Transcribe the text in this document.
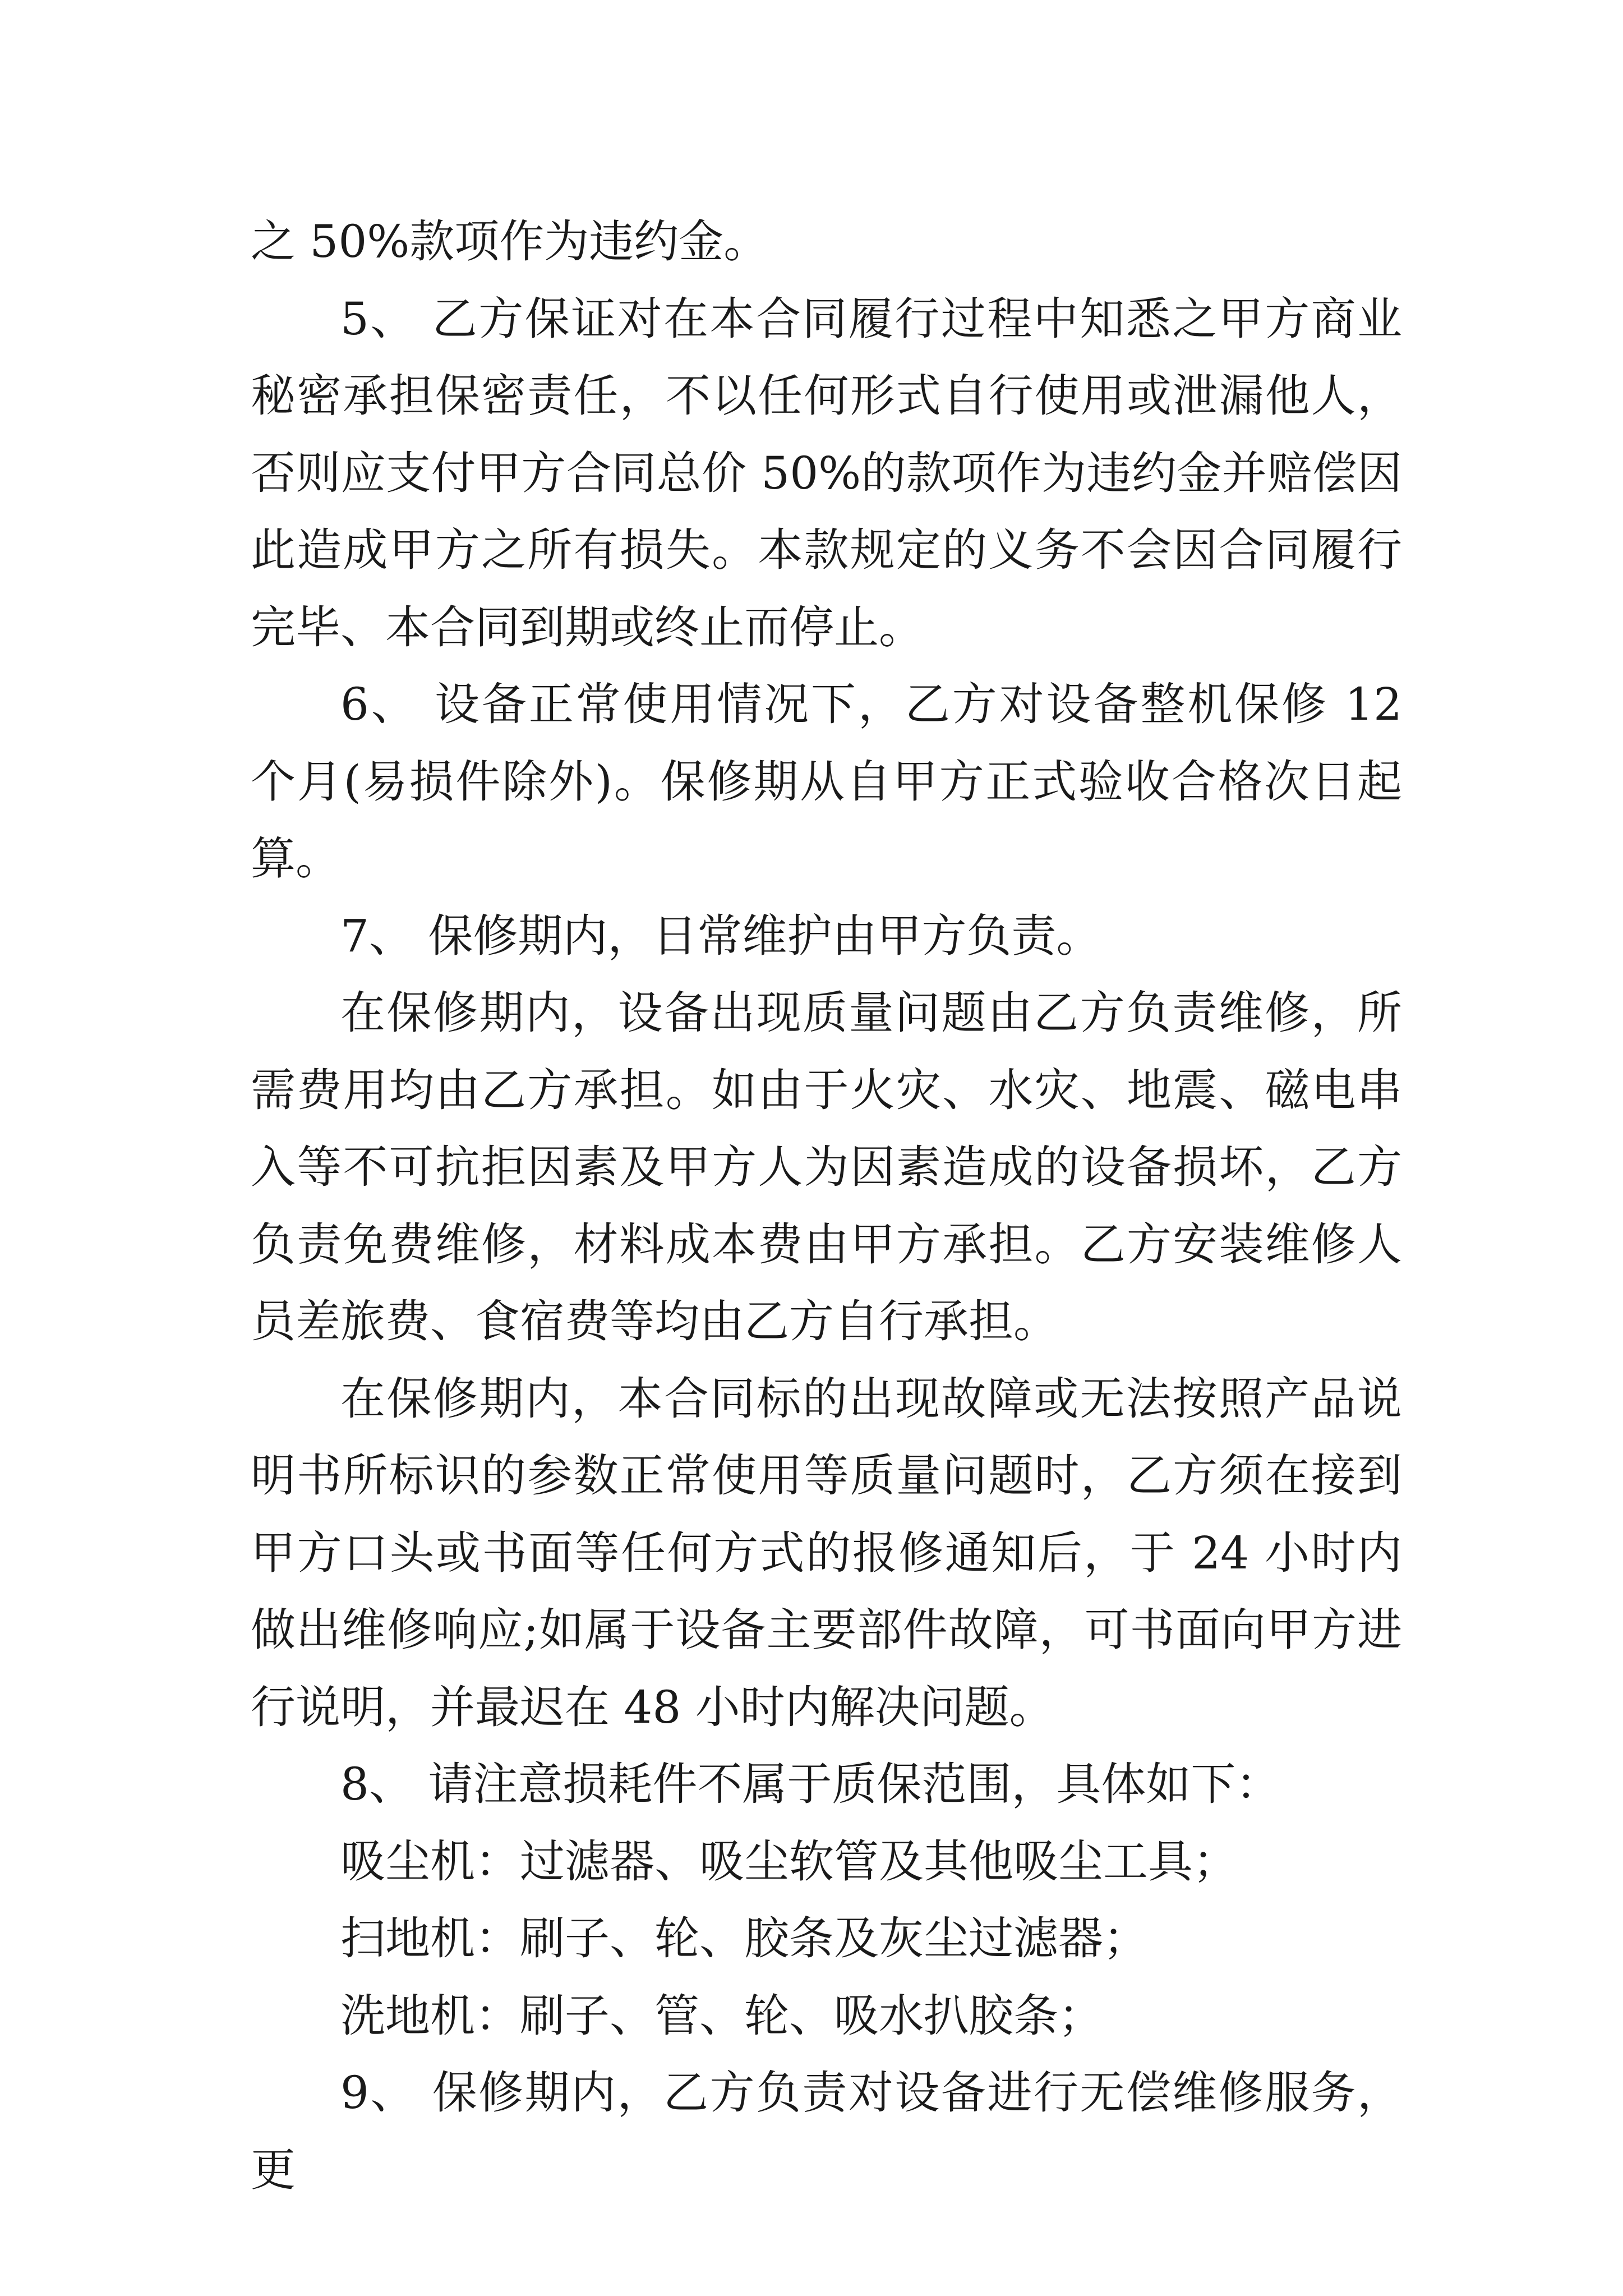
之 50%款项作为违约金。

5、 乙方保证对在本合同履行过程中知悉之甲方商业秘密承担保密责任，不以任何形式自行使用或泄漏他人，否则应支付甲方合同总价 50%的款项作为违约金并赔偿因此造成甲方之所有损失。本款规定的义务不会因合同履行完毕、本合同到期或终止而停止。

6、 设备正常使用情况下，乙方对设备整机保修 12 个月(易损件除外)。保修期从自甲方正式验收合格次日起算。

7、 保修期内，日常维护由甲方负责。

在保修期内，设备出现质量问题由乙方负责维修，所需费用均由乙方承担。如由于火灾、水灾、地震、磁电串入等不可抗拒因素及甲方人为因素造成的设备损坏，乙方负责免费维修，材料成本费由甲方承担。乙方安装维修人员差旅费、食宿费等均由乙方自行承担。

在保修期内，本合同标的出现故障或无法按照产品说明书所标识的参数正常使用等质量问题时，乙方须在接到甲方口头或书面等任何方式的报修通知后，于 24 小时内做出维修响应;如属于设备主要部件故障，可书面向甲方进行说明，并最迟在 48 小时内解决问题。

8、 请注意损耗件不属于质保范围，具体如下：

吸尘机：过滤器、吸尘软管及其他吸尘工具；

扫地机：刷子、轮、胶条及灰尘过滤器；

洗地机：刷子、管、轮、吸水扒胶条；

9、 保修期内，乙方负责对设备进行无偿维修服务，更
